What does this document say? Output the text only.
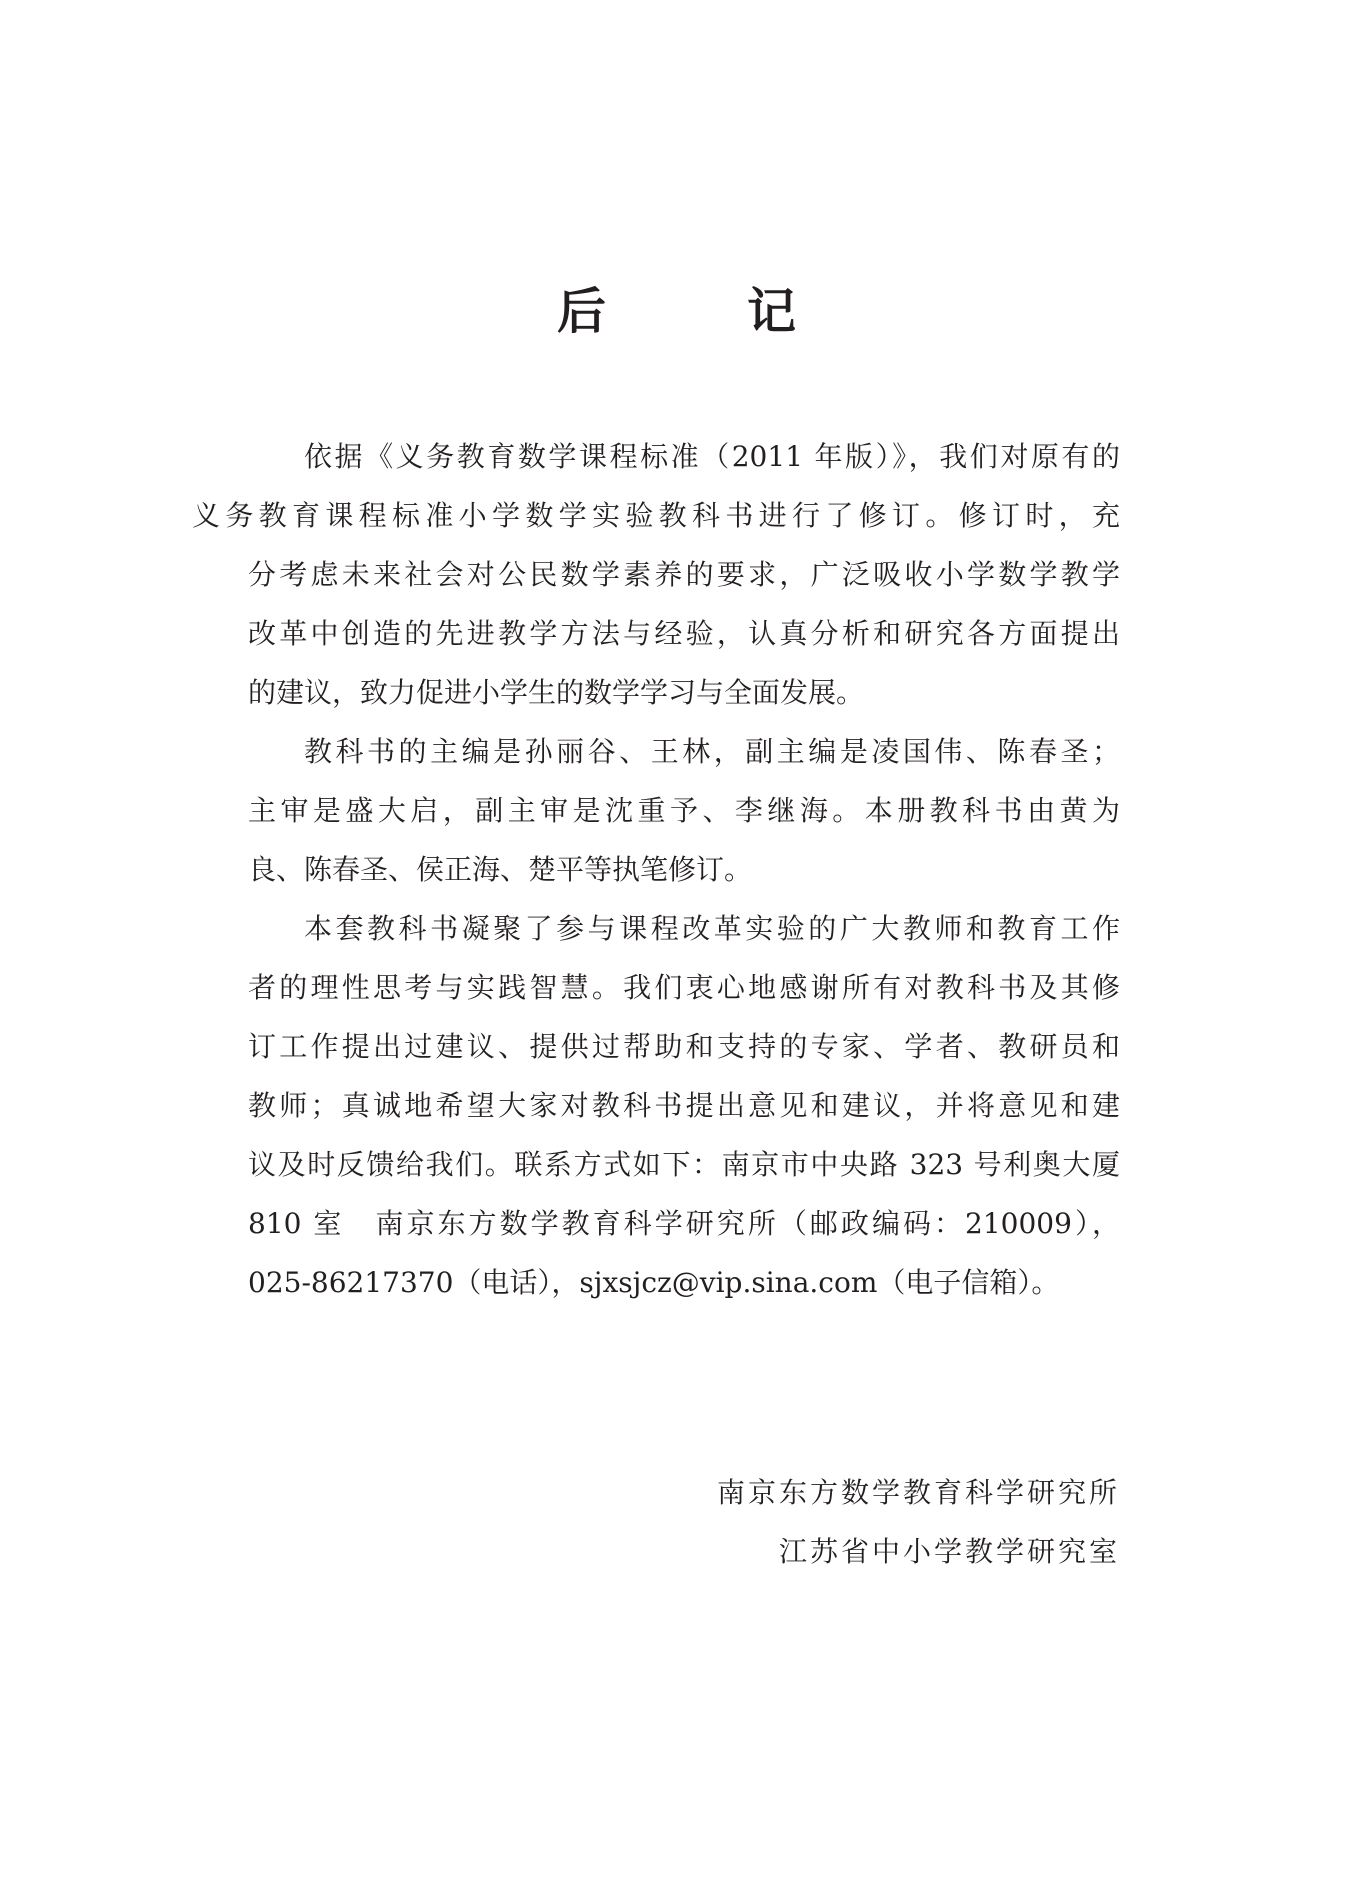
后 记

依据《义务教育数学课程标准（2011 年版）》，我们对原有的
义务教育课程标准小学数学实验教科书进行了修订。修订时，充
分考虑未来社会对公民数学素养的要求，广泛吸收小学数学教学
改革中创造的先进教学方法与经验，认真分析和研究各方面提出
的建议，致力促进小学生的数学学习与全面发展。

教科书的主编是孙丽谷、王林，副主编是凌国伟、陈春圣；
主审是盛大启，副主审是沈重予、李继海。本册教科书由黄为
良、陈春圣、侯正海、楚平等执笔修订。

本套教科书凝聚了参与课程改革实验的广大教师和教育工作
者的理性思考与实践智慧。我们衷心地感谢所有对教科书及其修
订工作提出过建议、提供过帮助和支持的专家、学者、教研员和
教师；真诚地希望大家对教科书提出意见和建议，并将意见和建
议及时反馈给我们。联系方式如下：南京市中央路 323 号利奥大厦
810 室　南京东方数学教育科学研究所（邮政编码：210009），
025-86217370（电话），sjxsjcz@vip.sina.com（电子信箱）。

南京东方数学教育科学研究所
江苏省中小学教学研究室
